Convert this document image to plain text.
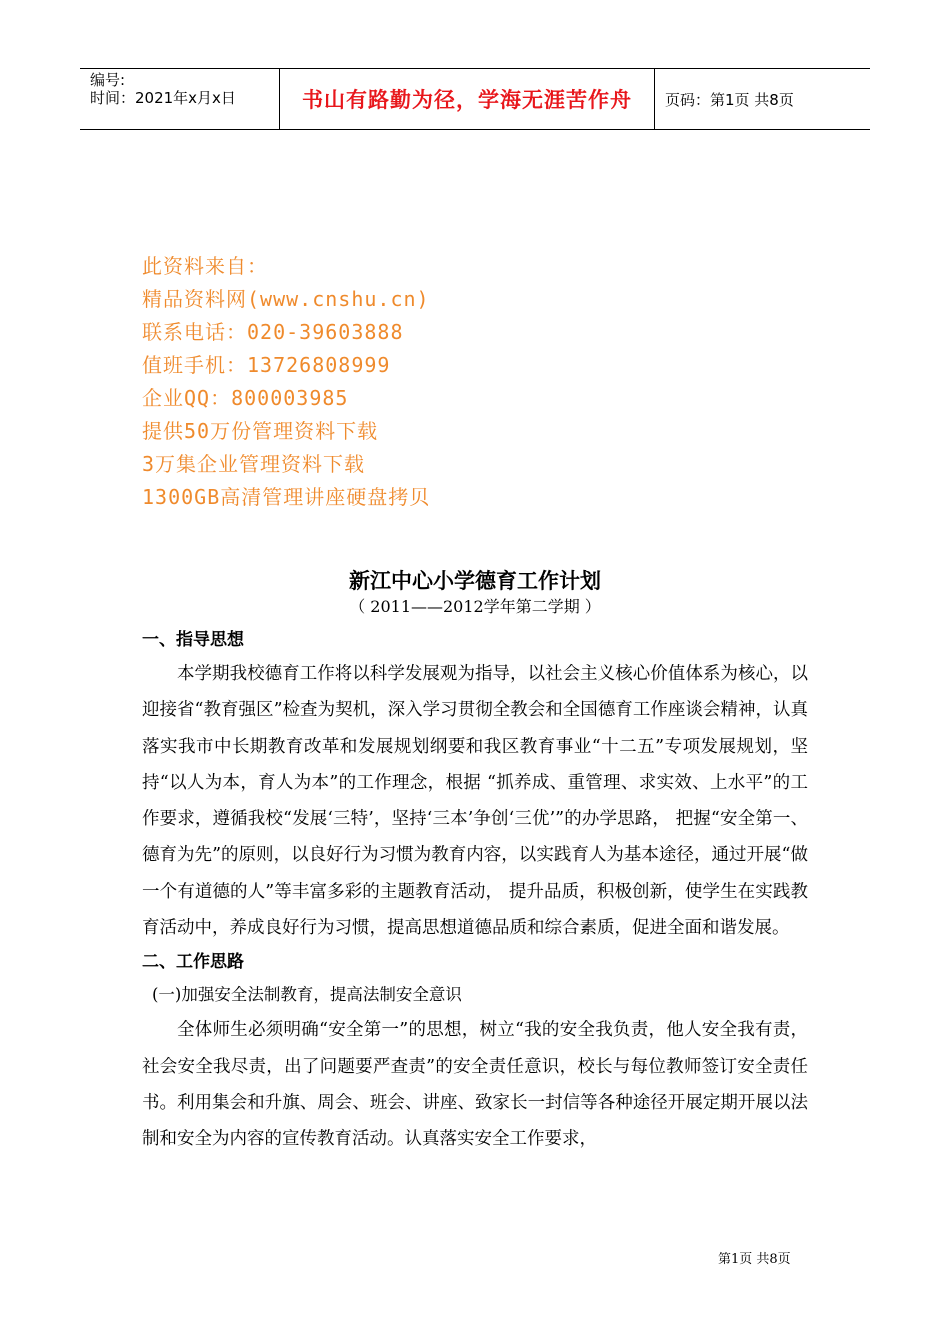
编号:
时间：2021年x月x日	书山有路勤为径，学海无涯苦作舟	页码：第1页 共8页
此资料来自：
精品资料网(www.cnshu.cn)
联系电话：020-39603888
值班手机：13726808999
企业QQ：800003985
提供50万份管理资料下载
3万集企业管理资料下载
1300GB高清管理讲座硬盘拷贝
新江中心小学德育工作计划
（ 2011——2012学年第二学期 ）
一、指导思想

本学期我校德育工作将以科学发展观为指导，以社会主义核心价值体系为核心，以迎接省“教育强区”检查为契机，深入学习贯彻全教会和全国德育工作座谈会精神，认真落实我市中长期教育改革和发展规划纲要和我区教育事业“十二五”专项发展规划，坚持“以人为本，育人为本”的工作理念，根据 “抓养成、重管理、求实效、上水平”的工作要求，遵循我校“发展‘三特’，坚持‘三本’争创‘三优’”的办学思路， 把握“安全第一、德育为先”的原则，以良好行为习惯为教育内容，以实践育人为基本途径，通过开展“做一个有道德的人”等丰富多彩的主题教育活动， 提升品质，积极创新，使学生在实践教育活动中，养成良好行为习惯，提高思想道德品质和综合素质，促进全面和谐发展。

二、工作思路
(一)加强安全法制教育，提高法制安全意识

全体师生必须明确“安全第一”的思想，树立“我的安全我负责，他人安全我有责，社会安全我尽责，出了问题要严查责”的安全责任意识，校长与每位教师签订安全责任书。利用集会和升旗、周会、班会、讲座、致家长一封信等各种途径开展定期开展以法制和安全为内容的宣传教育活动。认真落实安全工作要求，

第1页 共8页
